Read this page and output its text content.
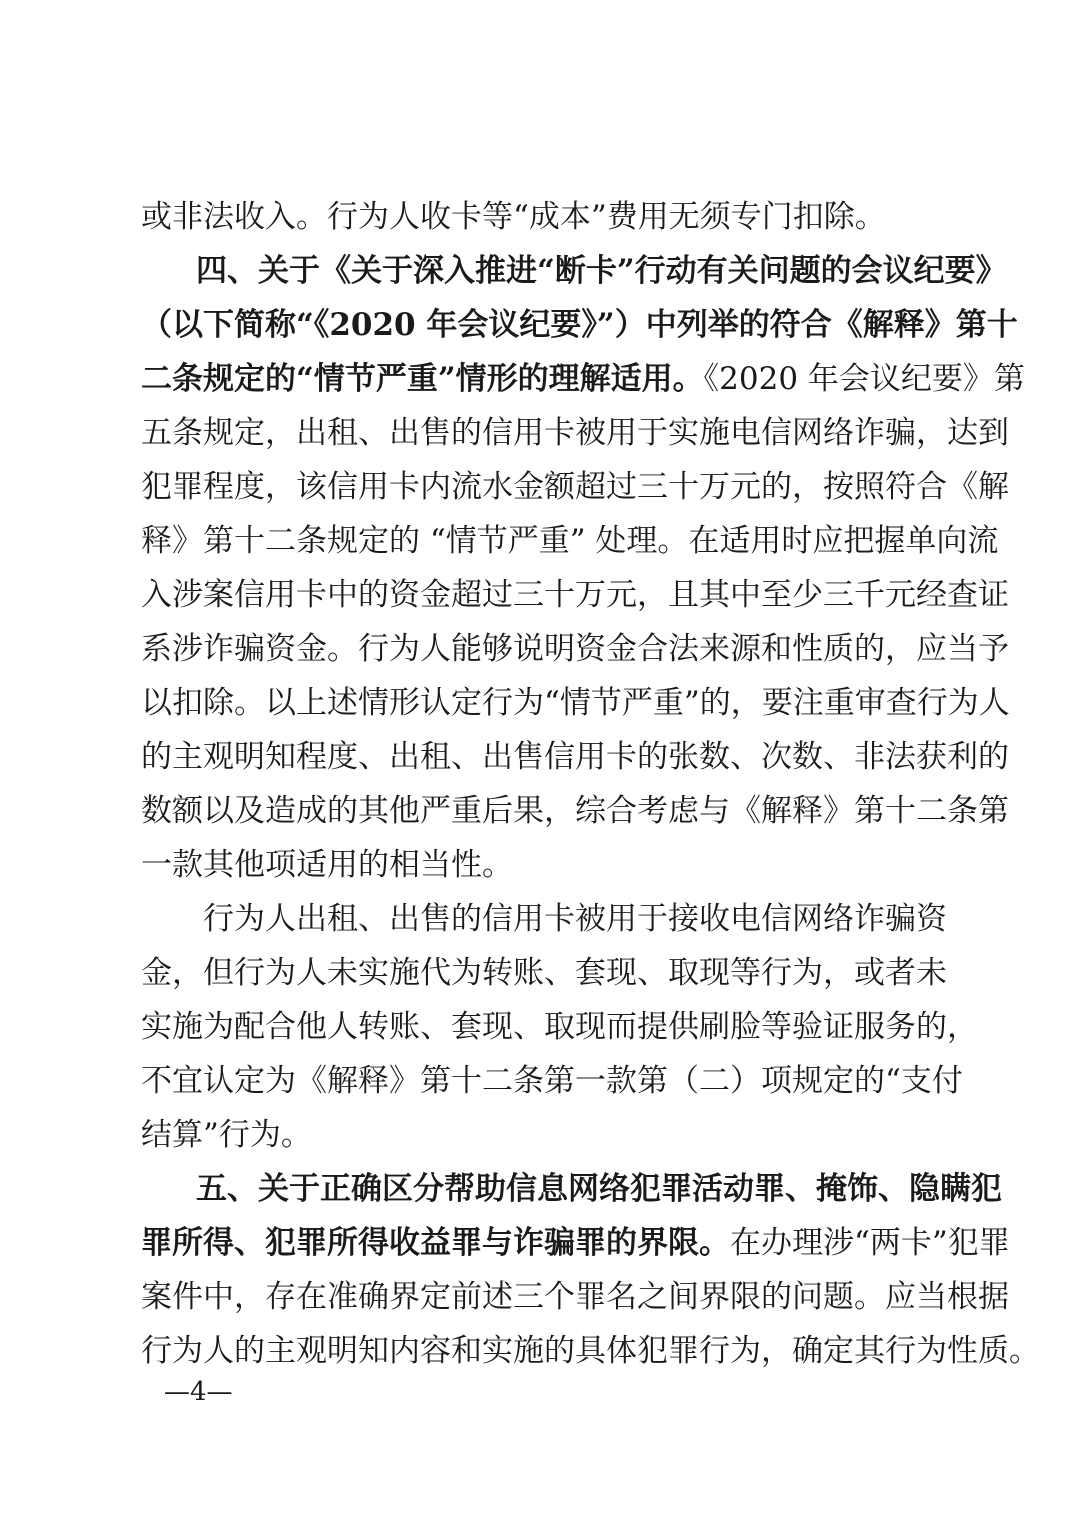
或非法收入。行为人收卡等“成本”费用无须专门扣除。
四、关于《关于深入推进“断卡”行动有关问题的会议纪要》
（以下简称“《2020 年会议纪要》”）中列举的符合《解释》第十
二条规定的“情节严重”情形的理解适用。《2020 年会议纪要》第
五条规定，出租、出售的信用卡被用于实施电信网络诈骗，达到
犯罪程度，该信用卡内流水金额超过三十万元的，按照符合《解
释》第十二条规定的 “情节严重” 处理。在适用时应把握单向流
入涉案信用卡中的资金超过三十万元，且其中至少三千元经查证
系涉诈骗资金。行为人能够说明资金合法来源和性质的，应当予
以扣除。以上述情形认定行为“情节严重”的，要注重审查行为人
的主观明知程度、出租、出售信用卡的张数、次数、非法获利的
数额以及造成的其他严重后果，综合考虑与《解释》第十二条第
一款其他项适用的相当性。
行为人出租、出售的信用卡被用于接收电信网络诈骗资
金，但行为人未实施代为转账、套现、取现等行为，或者未
实施为配合他人转账、套现、取现而提供刷脸等验证服务的，
不宜认定为《解释》第十二条第一款第（二）项规定的“支付
结算”行为。
五、关于正确区分帮助信息网络犯罪活动罪、掩饰、隐瞒犯
罪所得、犯罪所得收益罪与诈骗罪的界限。在办理涉“两卡”犯罪
案件中，存在准确界定前述三个罪名之间界限的问题。应当根据
行为人的主观明知内容和实施的具体犯罪行为，确定其行为性质。
—4—
